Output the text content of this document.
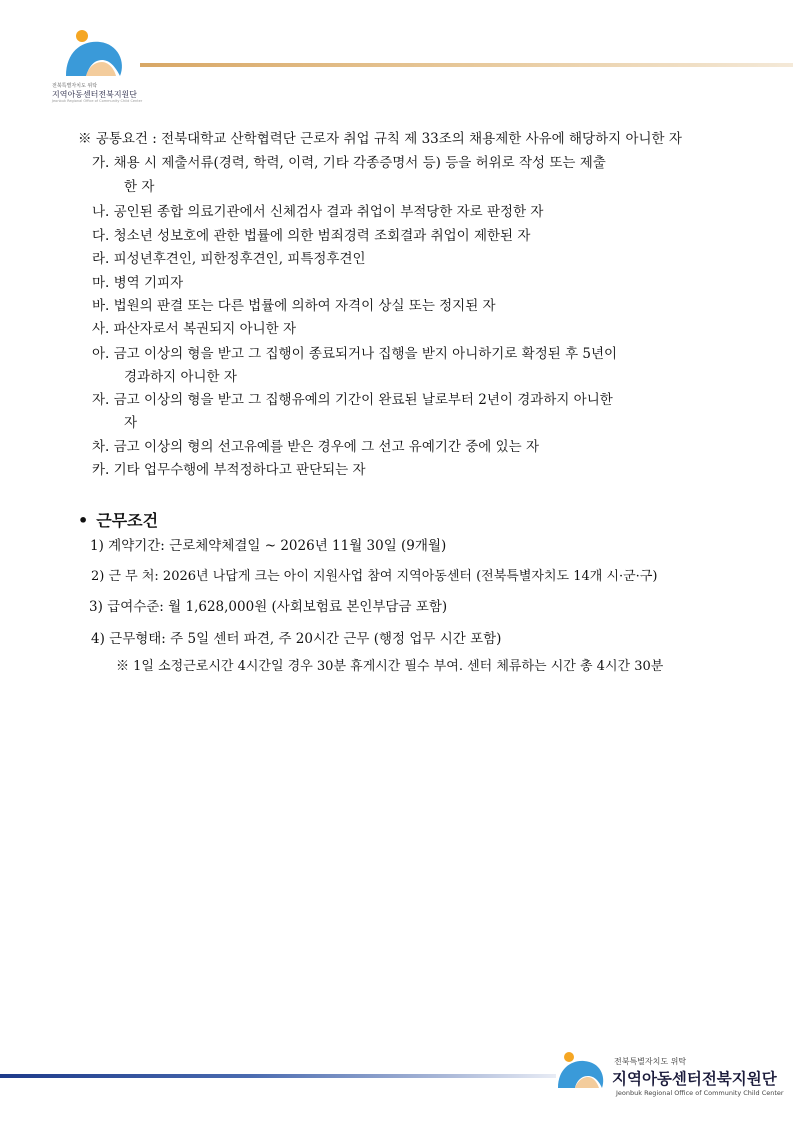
전북특별자치도 위탁
지역아동센터전북지원단
Jeonbuk Regional Office of Community Child Center
※ 공통요건 : 전북대학교 산학협력단 근로자 취업 규칙 제 33조의 채용제한 사유에 해당하지 아니한 자
가. 채용 시 제출서류(경력, 학력, 이력, 기타 각종증명서 등) 등을 허위로 작성 또는 제출
한 자
나. 공인된 종합 의료기관에서 신체검사 결과 취업이 부적당한 자로 판정한 자
다. 청소년 성보호에 관한 법률에 의한 범죄경력 조회결과 취업이 제한된 자
라. 피성년후견인, 피한정후견인, 피특정후견인
마. 병역 기피자
바. 법원의 판결 또는 다른 법률에 의하여 자격이 상실 또는 정지된 자
사. 파산자로서 복권되지 아니한 자
아. 금고 이상의 형을 받고 그 집행이 종료되거나 집행을 받지 아니하기로 확정된 후 5년이
경과하지 아니한 자
자. 금고 이상의 형을 받고 그 집행유예의 기간이 완료된 날로부터 2년이 경과하지 아니한
자
차. 금고 이상의 형의 선고유예를 받은 경우에 그 선고 유예기간 중에 있는 자
카. 기타 업무수행에 부적정하다고 판단되는 자
• 근무조건
1) 계약기간: 근로체약체결일 ~ 2026년 11월 30일 (9개월)
2) 근 무 처: 2026년 나답게 크는 아이 지원사업 참여 지역아동센터 (전북특별자치도 14개 시·군·구)
3) 급여수준: 월 1,628,000원 (사회보험료 본인부담금 포함)
4) 근무형태: 주 5일 센터 파견, 주 20시간 근무 (행정 업무 시간 포함)
※ 1일 소정근로시간 4시간일 경우 30분 휴게시간 필수 부여. 센터 체류하는 시간 총 4시간 30분
전북특별자치도 위탁
지역아동센터전북지원단
Jeonbuk Regional Office of Community Child Center
